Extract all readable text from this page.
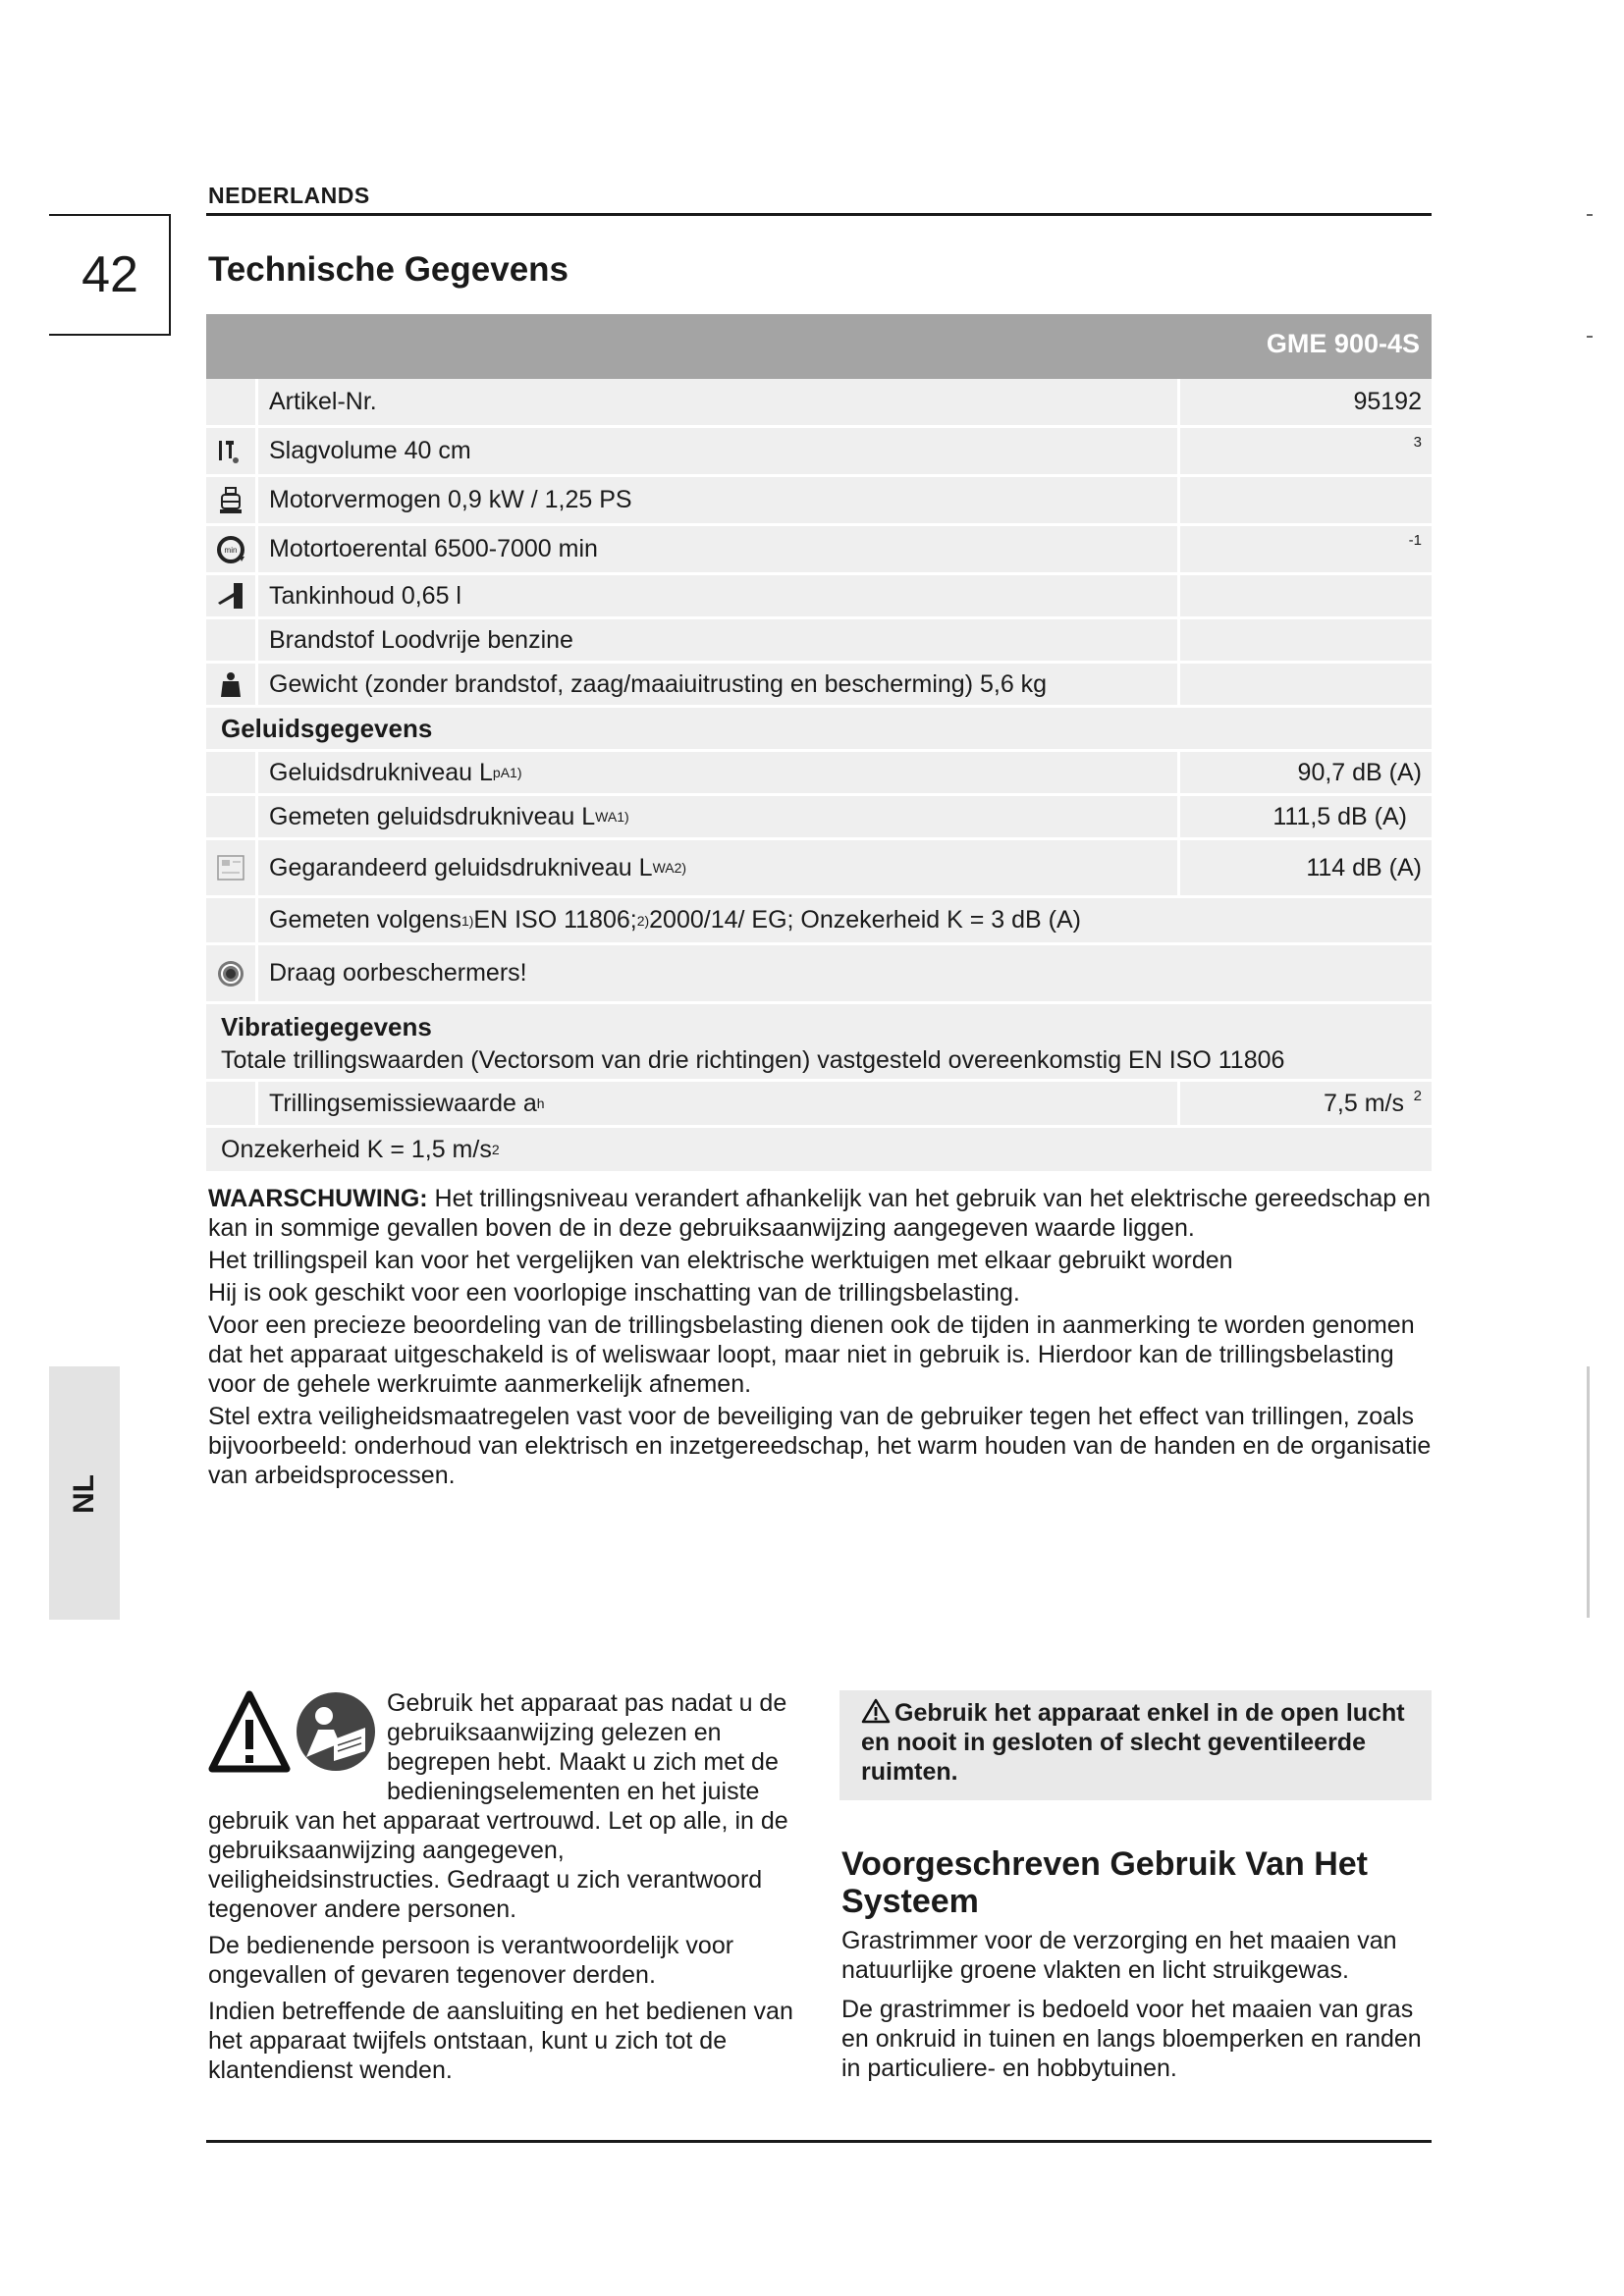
NEDERLANDS
42	Technische Gegevens
GME 900-4S
Artikel-Nr.	95192
Slagvolume 40 cm	3
Motorvermogen 0,9 kW / 1,25 PS
min	Motortoerental 6500-7000 min	-1
Tankinhoud 0,65 l
Brandstof Loodvrije benzine
Gewicht (zonder brandstof, zaag/maaiuitrusting en bescherming) 5,6 kg
Geluidsgegevens
Geluidsdrukniveau L pA 1)	90,7 dB (A)
Gemeten geluidsdrukniveau L WA 1)	111,5 dB (A)
Gegarandeerd geluidsdrukniveau L WA 2)	114 dB (A)
Gemeten volgens 1) EN ISO 11806; 2) 2000/14/ EG; Onzekerheid K = 3 dB (A)
Draag oorbeschermers!
Vibratiegegevens
Totale trillingswaarden (Vectorsom van drie richtingen) vastgesteld overeenkomstig EN ISO 11806
Trillingsemissiewaarde a h	7,5 m/s 2
Onzekerheid K = 1,5 m/s 2

WAARSCHUWING: Het trillingsniveau verandert afhankelijk van het gebruik van het elektrische gereedschap en kan in sommige gevallen boven de in deze gebruiksaanwijzing aangegeven waarde liggen.

Het trillingspeil kan voor het vergelijken van elektrische werktuigen met elkaar gebruikt worden

Hij is ook geschikt voor een voorlopige inschatting van de trillingsbelasting.

Voor een precieze beoordeling van de trillingsbelasting dienen ook de tijden in aanmerking te worden genomen dat het apparaat uitgeschakeld is of weliswaar loopt, maar niet in gebruik is. Hierdoor kan de trillingsbelasting voor de gehele werkruimte aanmerkelijk afnemen.

Stel extra veiligheidsmaatregelen vast voor de beveiliging van de gebruiker tegen het effect van trillingen, zoals bijvoorbeeld: onderhoud van elektrisch en inzetgereedschap, het warm houden van de handen en de organisatie van arbeidsprocessen.

NL

Gebruik het apparaat pas nadat u de gebruiksaanwijzing gelezen en begrepen hebt. Maakt u zich met de bedieningselementen en het juiste gebruik van het apparaat vertrouwd. Let op alle, in de gebruiksaanwijzing aangegeven, veiligheidsinstructies. Gedraagt u zich verantwoord tegenover andere personen.

De bedienende persoon is verantwoordelijk voor ongevallen of gevaren tegenover derden.

Indien betreffende de aansluiting en het bedienen van het apparaat twijfels ontstaan, kunt u zich tot de klantendienst wenden.

Gebruik het apparaat enkel in de open lucht en nooit in gesloten of slecht geventileerde ruimten.
Voorgeschreven Gebruik Van Het Systeem

Grastrimmer voor de verzorging en het maaien van natuurlijke groene vlakten en licht struikgewas.

De grastrimmer is bedoeld voor het maaien van gras en onkruid in tuinen en langs bloemperken en randen in particuliere- en hobbytuinen.
